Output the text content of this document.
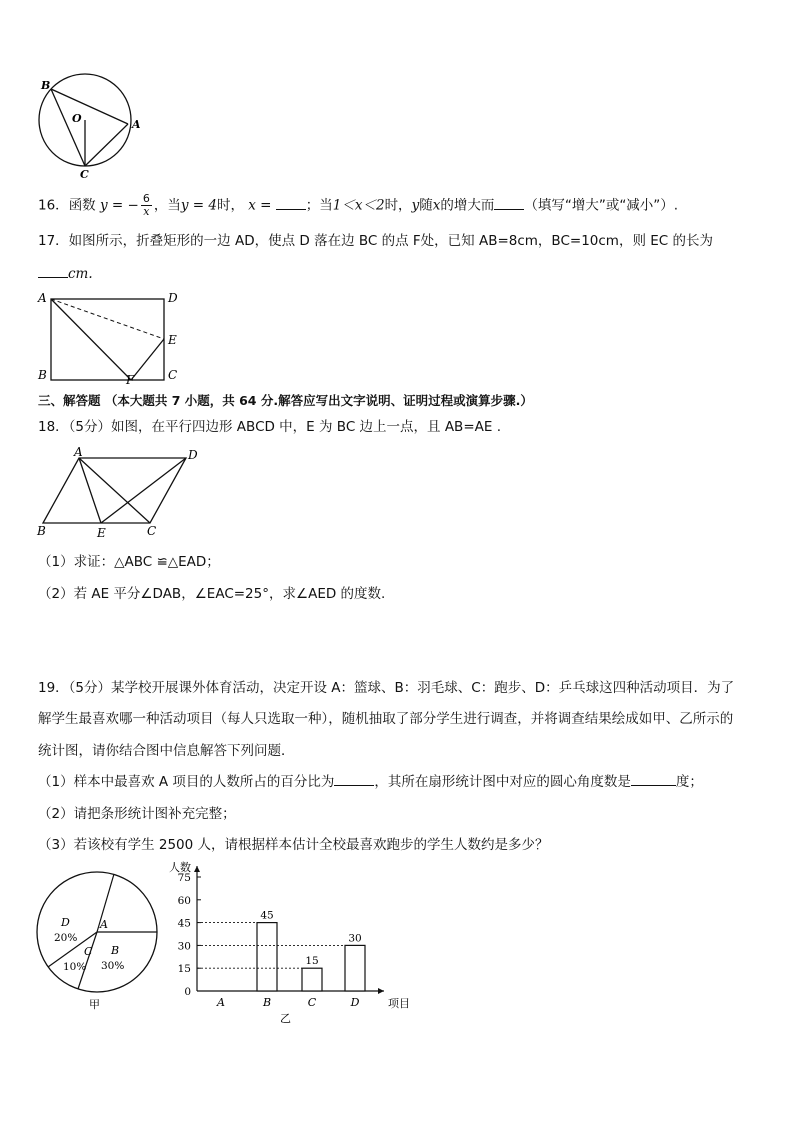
B
A
O
C
16．函数 y = − $\frac{6}{x}$ ，当y = 4时， x =	；当1＜x＜2时，y随x的增大而 （填写“增大”或“减小”）.
17．如图所示，折叠矩形的一边 AD，使点 D 落在边 BC 的点 F处，已知 AB=8cm，BC=10cm，则 EC 的长为
cm.
A	D
E
B	F	C
三、解答题 （本大题共 7 小题，共 64 分.解答应写出文字说明、证明过程或演算步骤.）
18．（5分）如图，在平行四边形 ABCD 中，E 为 BC 边上一点，且 AB=AE .
A	D
B	E	C
（1）求证：△ABC ≌△EAD；
（2）若 AE 平分∠DAB，∠EAC=25°，求∠AED 的度数.
19．（5分）某学校开展课外体育活动，决定开设 A：篮球、B：羽毛球、C：跑步、D：乒乓球这四种活动项目．为了
解学生最喜欢哪一种活动项目（每人只选取一种），随机抽取了部分学生进行调查，并将调查结果绘成如甲、乙所示的
统计图，请你结合图中信息解答下列问题．
（1）样本中最喜欢 A 项目的人数所占的百分比为	，其所在扇形统计图中对应的圆心角度数是	度；
（2）请把条形统计图补充完整；
（3）若该校有学生 2500 人，请根据样本估计全校最喜欢跑步的学生人数约是多少？
A
D
20%
C
10%
B
30%
甲
人数
项目
乙
0
15
30
45
60
75
A
45
B
15
C
30
D
